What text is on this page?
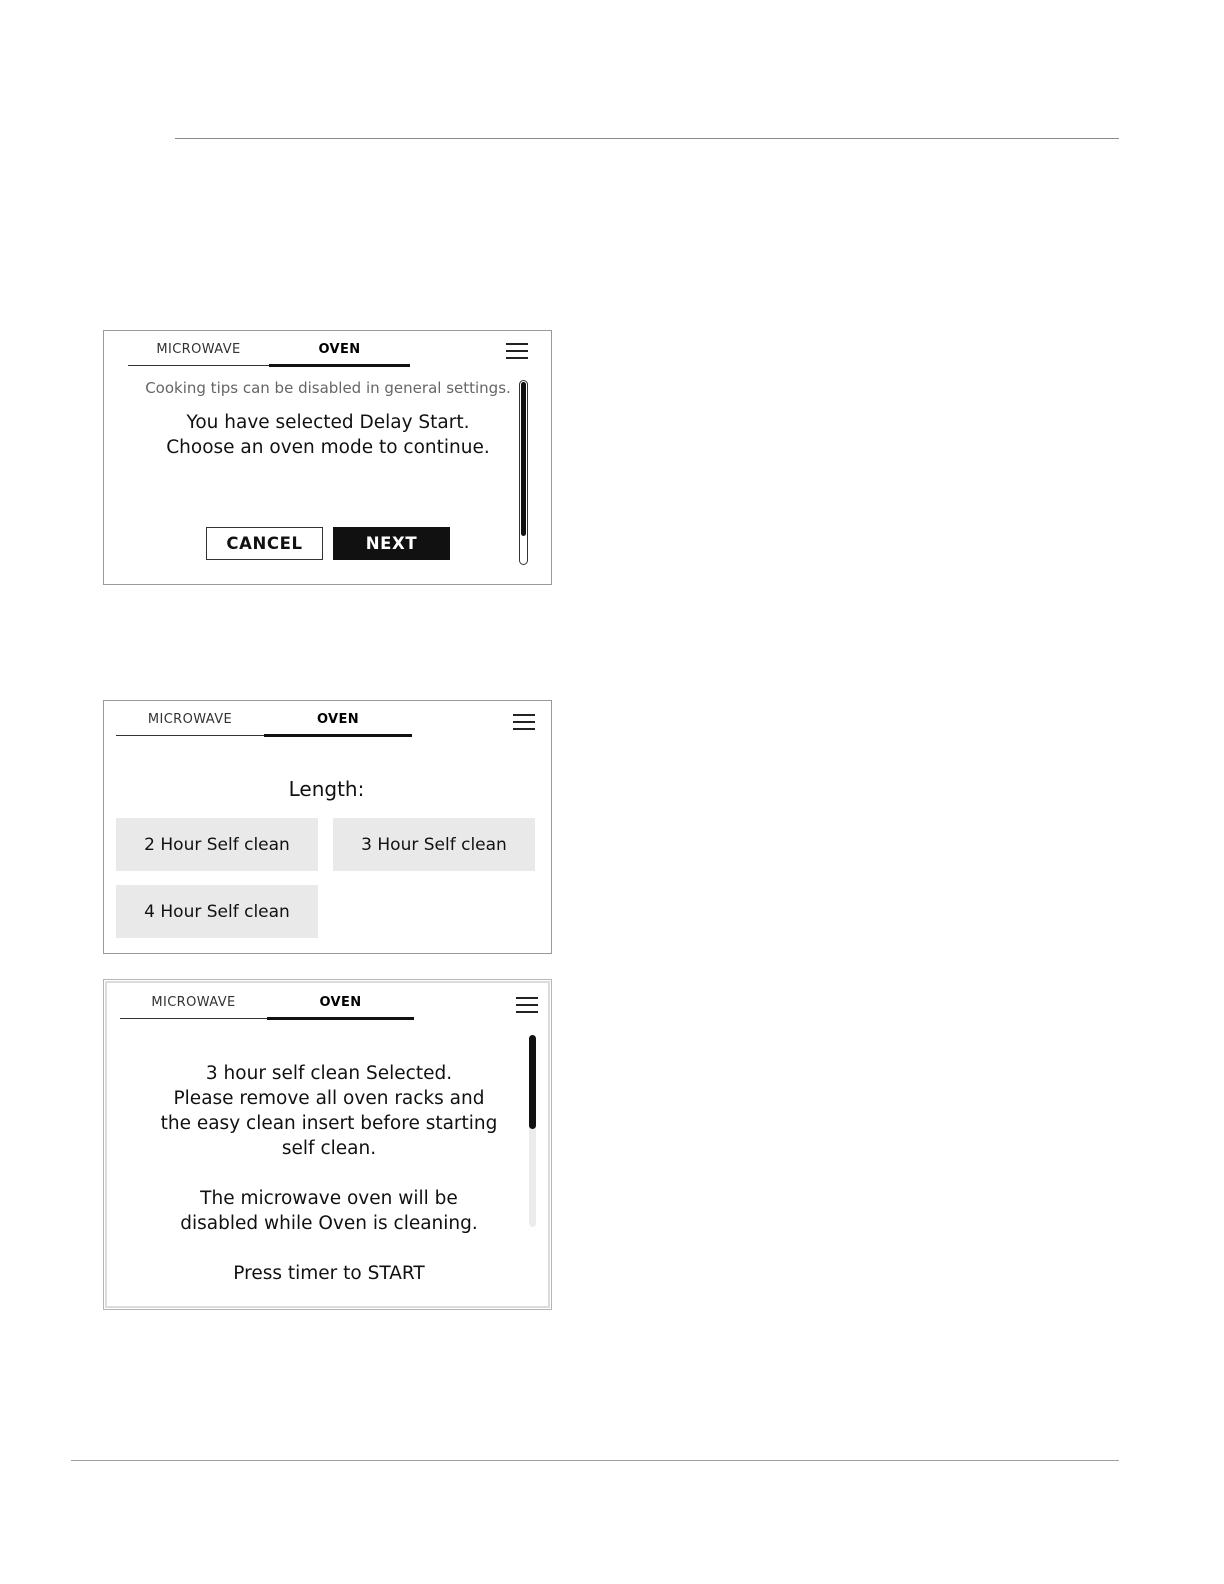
MICROWAVE	OVEN
Cooking tips can be disabled in general settings.
You have selected Delay Start.
Choose an oven mode to continue.
CANCEL	NEXT
MICROWAVE	OVEN
Length:
2 Hour Self clean	3 Hour Self clean
4 Hour Self clean
MICROWAVE	OVEN
3 hour self clean Selected.
Please remove all oven racks and
the easy clean insert before starting
self clean.
The microwave oven will be
disabled while Oven is cleaning.
Press timer to START
